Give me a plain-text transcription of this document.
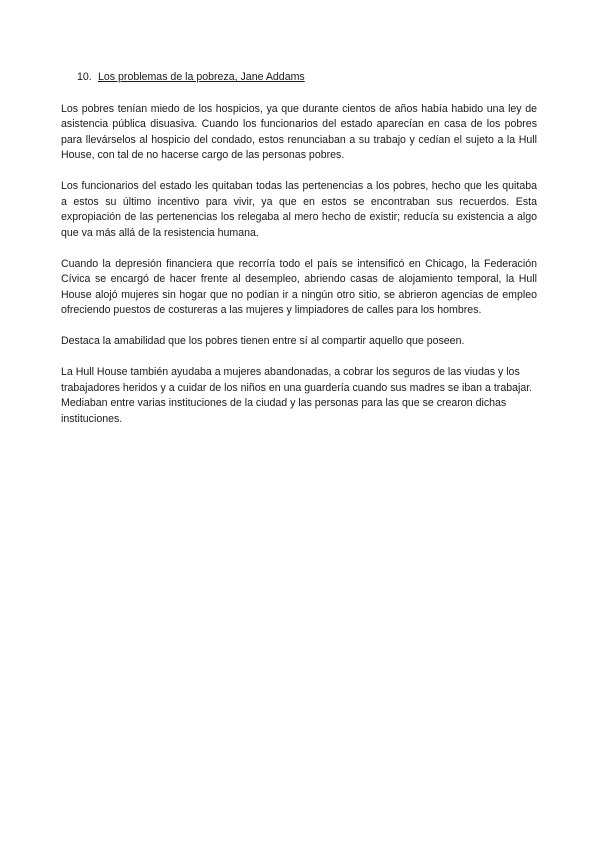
10. Los problemas de la pobreza, Jane Addams

Los pobres tenían miedo de los hospicios, ya que durante cientos de años había habido una ley de asistencia pública disuasiva. Cuando los funcionarios del estado aparecían en casa de los pobres para llevárselos al hospicio del condado, estos renunciaban a su trabajo y cedían el sujeto a la Hull House, con tal de no hacerse cargo de las personas pobres.

Los funcionarios del estado les quitaban todas las pertenencias a los pobres, hecho que les quitaba a estos su último incentivo para vivir, ya que en estos se encontraban sus recuerdos. Esta expropiación de las pertenencias los relegaba al mero hecho de existir; reducía su existencia a algo que va más allá de la resistencia humana.

Cuando la depresión financiera que recorría todo el país se intensificó en Chicago, la Federación Cívica se encargó de hacer frente al desempleo, abriendo casas de alojamiento temporal, la Hull House alojó mujeres sin hogar que no podían ir a ningún otro sitio, se abrieron agencias de empleo ofreciendo puestos de costureras a las mujeres y limpiadores de calles para los hombres.

Destaca la amabilidad que los pobres tienen entre sí al compartir aquello que poseen.

La Hull House también ayudaba a mujeres abandonadas, a cobrar los seguros de las viudas y los trabajadores heridos y a cuidar de los niños en una guardería cuando sus madres se iban a trabajar. Mediaban entre varias instituciones de la ciudad y las personas para las que se crearon dichas instituciones.
